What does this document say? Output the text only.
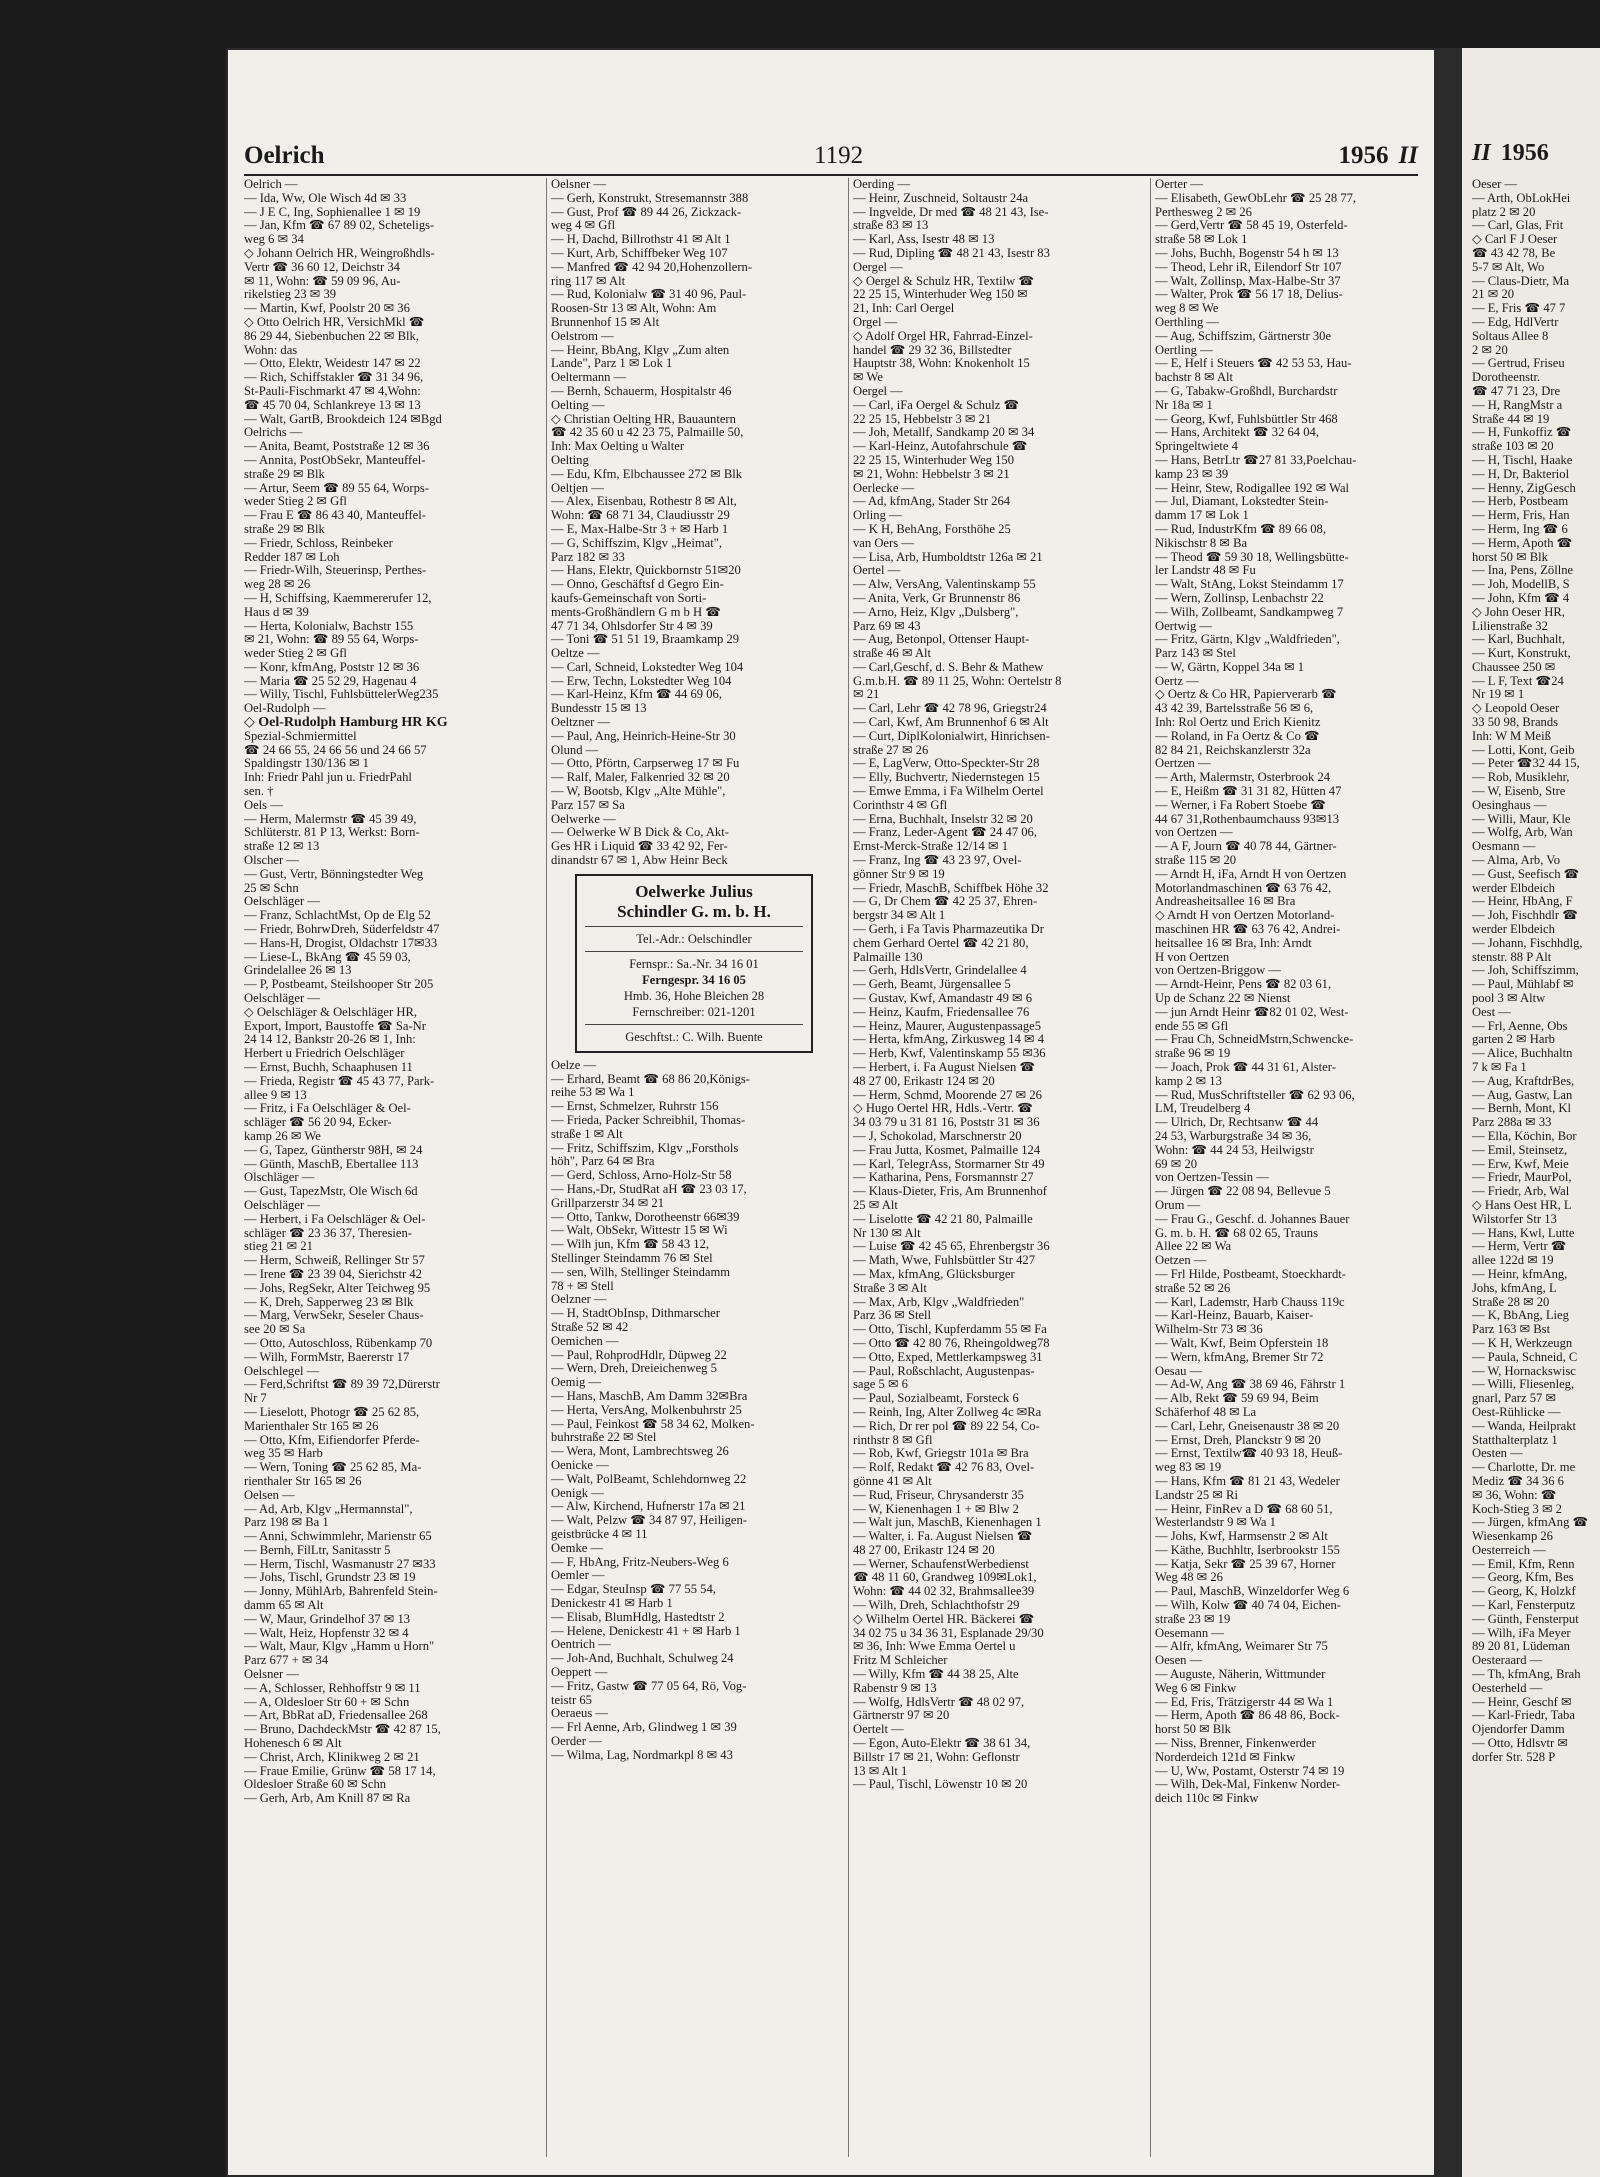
Oelrich	1192	1956 II
Oelrich —
— Ida, Ww, Ole Wisch 4d ✉ 33
— J E C, Ing, Sophienallee 1 ✉ 19
— Jan, Kfm ☎ 67 89 02, Scheteligs-
weg 6 ✉ 34
◇ Johann Oelrich HR, Weingroßhdls-
Vertr ☎ 36 60 12, Deichstr 34
✉ 11, Wohn: ☎ 59 09 96, Au-
rikelstieg 23 ✉ 39
— Martin, Kwf, Poolstr 20 ✉ 36
◇ Otto Oelrich HR, VersichMkl ☎
86 29 44, Siebenbuchen 22 ✉ Blk,
Wohn: das
— Otto, Elektr, Weidestr 147 ✉ 22
— Rich, Schiffstakler ☎ 31 34 96,
St-Pauli-Fischmarkt 47 ✉ 4,Wohn:
☎ 45 70 04, Schlankreye 13 ✉ 13
— Walt, GartB, Brookdeich 124 ✉Bgd
Oelrichs —
— Anita, Beamt, Poststraße 12 ✉ 36
— Annita, PostObSekr, Manteuffel-
straße 29 ✉ Blk
— Artur, Seem ☎ 89 55 64, Worps-
weder Stieg 2 ✉ Gfl
— Frau E ☎ 86 43 40, Manteuffel-
straße 29 ✉ Blk
— Friedr, Schloss, Reinbeker
Redder 187 ✉ Loh
— Friedr-Wilh, Steuerinsp, Perthes-
weg 28 ✉ 26
— H, Schiffsing, Kaemmererufer 12,
Haus d ✉ 39
— Herta, Kolonialw, Bachstr 155
✉ 21, Wohn: ☎ 89 55 64, Worps-
weder Stieg 2 ✉ Gfl
— Konr, kfmAng, Poststr 12 ✉ 36
— Maria ☎ 25 52 29, Hagenau 4
— Willy, Tischl, FuhlsbüttelerWeg235
Oel-Rudolph —
◇ Oel-Rudolph Hamburg HR KG
Spezial-Schmiermittel
☎ 24 66 55, 24 66 56 und 24 66 57
Spaldingstr 130/136 ✉ 1
Inh: Friedr Pahl jun u. FriedrPahl
sen. †
Oels —
— Herm, Malermstr ☎ 45 39 49,
Schlüterstr. 81 P 13, Werkst: Born-
straße 12 ✉ 13
Olscher —
— Gust, Vertr, Bönningstedter Weg
25 ✉ Schn
Oelschläger —
— Franz, SchlachtMst, Op de Elg 52
— Friedr, BohrwDreh, Süderfeldstr 47
— Hans-H, Drogist, Oldachstr 17✉33
— Liese-L, BkAng ☎ 45 59 03,
Grindelallee 26 ✉ 13
— P, Postbeamt, Steilshooper Str 205
Oelschläger —
◇ Oelschläger & Oelschläger HR,
Export, Import, Baustoffe ☎ Sa-Nr
24 14 12, Bankstr 20-26 ✉ 1, Inh:
Herbert u Friedrich Oelschläger
— Ernst, Buchh, Schaaphusen 11
— Frieda, Registr ☎ 45 43 77, Park-
allee 9 ✉ 13
— Fritz, i Fa Oelschläger & Oel-
schläger ☎ 56 20 94, Ecker-
kamp 26 ✉ We
— G, Tapez, Güntherstr 98H, ✉ 24
— Günth, MaschB, Ebertallee 113
Olschläger —
— Gust, TapezMstr, Ole Wisch 6d
Oelschläger —
— Herbert, i Fa Oelschläger & Oel-
schläger ☎ 23 36 37, Theresien-
stieg 21 ✉ 21
— Herm, Schweiß, Rellinger Str 57
— Irene ☎ 23 39 04, Sierichstr 42
— Johs, RegSekr, Alter Teichweg 95
— K, Dreh, Sapperweg 23 ✉ Blk
— Marg, VerwSekr, Seseler Chaus-
see 20 ✉ Sa
— Otto, Autoschloss, Rübenkamp 70
— Wilh, FormMstr, Baererstr 17
Oelschlegel —
— Ferd,Schriftst ☎ 89 39 72,Dürerstr
Nr 7
— Lieselott, Photogr ☎ 25 62 85,
Marienthaler Str 165 ✉ 26
— Otto, Kfm, Eifiendorfer Pferde-
weg 35 ✉ Harb
— Wern, Toning ☎ 25 62 85, Ma-
rienthaler Str 165 ✉ 26
Oelsen —
— Ad, Arb, Klgv „Hermannstal",
Parz 198 ✉ Ba 1
— Anni, Schwimmlehr, Marienstr 65
— Bernh, FilLtr, Sanitasstr 5
— Herm, Tischl, Wasmanustr 27 ✉33
— Johs, Tischl, Grundstr 23 ✉ 19
— Jonny, MühlArb, Bahrenfeld Stein-
damm 65 ✉ Alt
— W, Maur, Grindelhof 37 ✉ 13
— Walt, Heiz, Hopfenstr 32 ✉ 4
— Walt, Maur, Klgv „Hamm u Horn"
Parz 677 + ✉ 34
Oelsner —
— A, Schlosser, Rehhoffstr 9 ✉ 11
— A, Oldesloer Str 60 + ✉ Schn
— Art, BbRat aD, Friedensallee 268
— Bruno, DachdeckMstr ☎ 42 87 15,
Hohenesch 6 ✉ Alt
— Christ, Arch, Klinikweg 2 ✉ 21
— Fraue Emilie, Grünw ☎ 58 17 14,
Oldesloer Straße 60 ✉ Schn
— Gerh, Arb, Am Knill 87 ✉ Ra
Oelsner —
— Gerh, Konstrukt, Stresemannstr 388
— Gust, Prof ☎ 89 44 26, Zickzack-
weg 4 ✉ Gfl
— H, Dachd, Billrothstr 41 ✉ Alt 1
— Kurt, Arb, Schiffbeker Weg 107
— Manfred ☎ 42 94 20,Hohenzollern-
ring 117 ✉ Alt
— Rud, Kolonialw ☎ 31 40 96, Paul-
Roosen-Str 13 ✉ Alt, Wohn: Am
Brunnenhof 15 ✉ Alt
Oelstrom —
— Heinr, BbAng, Klgv „Zum alten
Lande", Parz 1 ✉ Lok 1
Oeltermann —
— Bernh, Schauerm, Hospitalstr 46
Oelting —
◇ Christian Oelting HR, Bauauntern
☎ 42 35 60 u 42 23 75, Palmaille 50,
Inh: Max Oelting u Walter
Oelting
— Edu, Kfm, Elbchaussee 272 ✉ Blk
Oeltjen —
— Alex, Eisenbau, Rothestr 8 ✉ Alt,
Wohn: ☎ 68 71 34, Claudiusstr 29
— E, Max-Halbe-Str 3 + ✉ Harb 1
— G, Schiffszim, Klgv „Heimat",
Parz 182 ✉ 33
— Hans, Elektr, Quickbornstr 51✉20
— Onno, Geschäftsf d Gegro Ein-
kaufs-Gemeinschaft von Sorti-
ments-Großhändlern G m b H ☎
47 71 34, Ohlsdorfer Str 4 ✉ 39
— Toni ☎ 51 51 19, Braamkamp 29
Oeltze —
— Carl, Schneid, Lokstedter Weg 104
— Erw, Techn, Lokstedter Weg 104
— Karl-Heinz, Kfm ☎ 44 69 06,
Bundesstr 15 ✉ 13
Oeltzner —
— Paul, Ang, Heinrich-Heine-Str 30
Olund —
— Otto, Pförtn, Carpserweg 17 ✉ Fu
— Ralf, Maler, Falkenried 32 ✉ 20
— W, Bootsb, Klgv „Alte Mühle",
Parz 157 ✉ Sa
Oelwerke —
— Oelwerke W B Dick & Co, Akt-
Ges HR i Liquid ☎ 33 42 92, Fer-
dinandstr 67 ✉ 1, Abw Heinr Beck
Oelwerke Julius
Schindler G. m. b. H.
Tel.-Adr.: Oelschindler
Fernspr.: Sa.-Nr. 34 16 01
Ferngespr. 34 16 05
Hmb. 36, Hohe Bleichen 28
Fernschreiber: 021-1201
Geschftst.: C. Wilh. Buente
Oelze —
— Erhard, Beamt ☎ 68 86 20,Königs-
reihe 53 ✉ Wa 1
— Ernst, Schmelzer, Ruhrstr 156
— Frieda, Packer Schreibhil, Thomas-
straße 1 ✉ Alt
— Fritz, Schiffszim, Klgv „Forsthols
höh", Parz 64 ✉ Bra
— Gerd, Schloss, Arno-Holz-Str 58
— Hans,-Dr, StudRat aH ☎ 23 03 17,
Grillparzerstr 34 ✉ 21
— Otto, Tankw, Dorotheenstr 66✉39
— Walt, ObSekr, Wittestr 15 ✉ Wi
— Wilh jun, Kfm ☎ 58 43 12,
Stellinger Steindamm 76 ✉ Stel
— sen, Wilh, Stellinger Steindamm
78 + ✉ Stell
Oelzner —
— H, StadtObInsp, Dithmarscher
Straße 52 ✉ 42
Oemichen —
— Paul, RohprodHdlr, Düpweg 22
— Wern, Dreh, Dreieichenweg 5
Oemig —
— Hans, MaschB, Am Damm 32✉Bra
— Herta, VersAng, Molkenbuhrstr 25
— Paul, Feinkost ☎ 58 34 62, Molken-
buhrstraße 22 ✉ Stel
— Wera, Mont, Lambrechtsweg 26
Oenicke —
— Walt, PolBeamt, Schlehdornweg 22
Oenigk —
— Alw, Kirchend, Hufnerstr 17a ✉ 21
— Walt, Pelzw ☎ 34 87 97, Heiligen-
geistbrücke 4 ✉ 11
Oemke —
— F, HbAng, Fritz-Neubers-Weg 6
Oemler —
— Edgar, SteuInsp ☎ 77 55 54,
Denickestr 41 ✉ Harb 1
— Elisab, BlumHdlg, Hastedtstr 2
— Helene, Denickestr 41 + ✉ Harb 1
Oentrich —
— Joh-And, Buchhalt, Schulweg 24
Oeppert —
— Fritz, Gastw ☎ 77 05 64, Rö, Vog-
teistr 65
Oeraeus —
— Frl Aenne, Arb, Glindweg 1 ✉ 39
Oerder —
— Wilma, Lag, Nordmarkpl 8 ✉ 43
Oerding —
— Heinr, Zuschneid, Soltaustr 24a
— Ingvelde, Dr med ☎ 48 21 43, Ise-
straße 83 ✉ 13
— Karl, Ass, Isestr 48 ✉ 13
— Rud, Dipling ☎ 48 21 43, Isestr 83
Oergel —
◇ Oergel & Schulz HR, Textilw ☎
22 25 15, Winterhuder Weg 150 ✉
21, Inh: Carl Oergel
Orgel —
◇ Adolf Orgel HR, Fahrrad-Einzel-
handel ☎ 29 32 36, Billstedter
Hauptstr 38, Wohn: Knokenholt 15
✉ We
Oergel —
— Carl, iFa Oergel & Schulz ☎
22 25 15, Hebbelstr 3 ✉ 21
— Joh, Metallf, Sandkamp 20 ✉ 34
— Karl-Heinz, Autofahrschule ☎
22 25 15, Winterhuder Weg 150
✉ 21, Wohn: Hebbelstr 3 ✉ 21
Oerlecke —
— Ad, kfmAng, Stader Str 264
Orling —
— K H, BehAng, Forsthöhe 25
van Oers —
— Lisa, Arb, Humboldtstr 126a ✉ 21
Oertel —
— Alw, VersAng, Valentinskamp 55
— Anita, Verk, Gr Brunnenstr 86
— Arno, Heiz, Klgv „Dulsberg",
Parz 69 ✉ 43
— Aug, Betonpol, Ottenser Haupt-
straße 46 ✉ Alt
— Carl,Geschf, d. S. Behr & Mathew
G.m.b.H. ☎ 89 11 25, Wohn: Oertelstr 8
✉ 21
— Carl, Lehr ☎ 42 78 96, Griegstr24
— Carl, Kwf, Am Brunnenhof 6 ✉ Alt
— Curt, DiplKolonialwirt, Hinrichsen-
straße 27 ✉ 26
— E, LagVerw, Otto-Speckter-Str 28
— Elly, Buchvertr, Niedernstegen 15
— Emwe Emma, i Fa Wilhelm Oertel
Corinthstr 4 ✉ Gfl
— Erna, Buchhalt, Inselstr 32 ✉ 20
— Franz, Leder-Agent ☎ 24 47 06,
Ernst-Merck-Straße 12/14 ✉ 1
— Franz, Ing ☎ 43 23 97, Ovel-
gönner Str 9 ✉ 19
— Friedr, MaschB, Schiffbek Höhe 32
— G, Dr Chem ☎ 42 25 37, Ehren-
bergstr 34 ✉ Alt 1
— Gerh, i Fa Tavis Pharmazeutika Dr
chem Gerhard Oertel ☎ 42 21 80,
Palmaille 130
— Gerh, HdlsVertr, Grindelallee 4
— Gerh, Beamt, Jürgensallee 5
— Gustav, Kwf, Amandastr 49 ✉ 6
— Heinz, Kaufm, Friedensallee 76
— Heinz, Maurer, Augustenpassage5
— Herta, kfmAng, Zirkusweg 14 ✉ 4
— Herb, Kwf, Valentinskamp 55 ✉36
— Herbert, i. Fa August Nielsen ☎
48 27 00, Erikastr 124 ✉ 20
— Herm, Schmd, Moorende 27 ✉ 26
◇ Hugo Oertel HR, Hdls.-Vertr. ☎
34 03 79 u 31 81 16, Poststr 31 ✉ 36
— J, Schokolad, Marschnerstr 20
— Frau Jutta, Kosmet, Palmaille 124
— Karl, TelegrAss, Stormarner Str 49
— Katharina, Pens, Forsmannstr 27
— Klaus-Dieter, Fris, Am Brunnenhof
25 ✉ Alt
— Liselotte ☎ 42 21 80, Palmaille
Nr 130 ✉ Alt
— Luise ☎ 42 45 65, Ehrenbergstr 36
— Math, Wwe, Fuhlsbüttler Str 427
— Max, kfmAng, Glücksburger
Straße 3 ✉ Alt
— Max, Arb, Klgv „Waldfrieden"
Parz 36 ✉ Stell
— Otto, Tischl, Kupferdamm 55 ✉ Fa
— Otto ☎ 42 80 76, Rheingoldweg78
— Otto, Exped, Mettlerkampsweg 31
— Paul, Roßschlacht, Augustenpas-
sage 5 ✉ 6
— Paul, Sozialbeamt, Forsteck 6
— Reinh, Ing, Alter Zollweg 4c ✉Ra
— Rich, Dr rer pol ☎ 89 22 54, Co-
rinthstr 8 ✉ Gfl
— Rob, Kwf, Griegstr 101a ✉ Bra
— Rolf, Redakt ☎ 42 76 83, Ovel-
gönne 41 ✉ Alt
— Rud, Friseur, Chrysanderstr 35
— W, Kienenhagen 1 + ✉ Blw 2
— Walt jun, MaschB, Kienenhagen 1
— Walter, i. Fa. August Nielsen ☎
48 27 00, Erikastr 124 ✉ 20
— Werner, SchaufenstWerbedienst
☎ 48 11 60, Grandweg 109✉Lok1,
Wohn: ☎ 44 02 32, Brahmsallee39
— Wilh, Dreh, Schlachthofstr 29
◇ Wilhelm Oertel HR. Bäckerei ☎
34 02 75 u 34 36 31, Esplanade 29/30
✉ 36, Inh: Wwe Emma Oertel u
Fritz M Schleicher
— Willy, Kfm ☎ 44 38 25, Alte
Rabenstr 9 ✉ 13
— Wolfg, HdlsVertr ☎ 48 02 97,
Gärtnerstr 97 ✉ 20
Oertelt —
— Egon, Auto-Elektr ☎ 38 61 34,
Billstr 17 ✉ 21, Wohn: Geflonstr
13 ✉ Alt 1
— Paul, Tischl, Löwenstr 10 ✉ 20
Oerter —
— Elisabeth, GewObLehr ☎ 25 28 77,
Perthesweg 2 ✉ 26
— Gerd,Vertr ☎ 58 45 19, Osterfeld-
straße 58 ✉ Lok 1
— Johs, Buchh, Bogenstr 54 h ✉ 13
— Theod, Lehr iR, Eilendorf Str 107
— Walt, Zollinsp, Max-Halbe-Str 37
— Walter, Prok ☎ 56 17 18, Delius-
weg 8 ✉ We
Oerthling —
— Aug, Schiffszim, Gärtnerstr 30e
Oertling —
— E, Helf i Steuers ☎ 42 53 53, Hau-
bachstr 8 ✉ Alt
— G, Tabakw-Großhdl, Burchardstr
Nr 18a ✉ 1
— Georg, Kwf, Fuhlsbüttler Str 468
— Hans, Architekt ☎ 32 64 04,
Springeltwiete 4
— Hans, BetrLtr ☎27 81 33,Poelchau-
kamp 23 ✉ 39
— Heinr, Stew, Rodigallee 192 ✉ Wal
— Jul, Diamant, Lokstedter Stein-
damm 17 ✉ Lok 1
— Rud, IndustrKfm ☎ 89 66 08,
Nikischstr 8 ✉ Ba
— Theod ☎ 59 30 18, Wellingsbütte-
ler Landstr 48 ✉ Fu
— Walt, StAng, Lokst Steindamm 17
— Wern, Zollinsp, Lenbachstr 22
— Wilh, Zollbeamt, Sandkampweg 7
Oertwig —
— Fritz, Gärtn, Klgv „Waldfrieden",
Parz 143 ✉ Stel
— W, Gärtn, Koppel 34a ✉ 1
Oertz —
◇ Oertz & Co HR, Papierverarb ☎
43 42 39, Bartelsstraße 56 ✉ 6,
Inh: Rol Oertz und Erich Kienitz
— Roland, in Fa Oertz & Co ☎
82 84 21, Reichskanzlerstr 32a
Oertzen —
— Arth, Malermstr, Osterbrook 24
— E, Heißm ☎ 31 31 82, Hütten 47
— Werner, i Fa Robert Stoebe ☎
44 67 31,Rothenbaumchauss 93✉13
von Oertzen —
— A F, Journ ☎ 40 78 44, Gärtner-
straße 115 ✉ 20
— Arndt H, iFa, Arndt H von Oertzen
Motorlandmaschinen ☎ 63 76 42,
Andreasheitsallee 16 ✉ Bra
◇ Arndt H von Oertzen Motorland-
maschinen HR ☎ 63 76 42, Andrei-
heitsallee 16 ✉ Bra, Inh: Arndt
H von Oertzen
von Oertzen-Briggow —
— Arndt-Heinr, Pens ☎ 82 03 61,
Up de Schanz 22 ✉ Nienst
— jun Arndt Heinr ☎82 01 02, West-
ende 55 ✉ Gfl
— Frau Ch, SchneidMstrn,Schwencke-
straße 96 ✉ 19
— Joach, Prok ☎ 44 31 61, Alster-
kamp 2 ✉ 13
— Rud, MusSchriftsteller ☎ 62 93 06,
LM, Treudelberg 4
— Ulrich, Dr, Rechtsanw ☎ 44
24 53, Warburgstraße 34 ✉ 36,
Wohn: ☎ 44 24 53, Heilwigstr
69 ✉ 20
von Oertzen-Tessin —
— Jürgen ☎ 22 08 94, Bellevue 5
Orum —
— Frau G., Geschf. d. Johannes Bauer
G. m. b. H. ☎ 68 02 65, Trauns
Allee 22 ✉ Wa
Oetzen —
— Frl Hilde, Postbeamt, Stoeckhardt-
straße 52 ✉ 26
— Karl, Lademstr, Harb Chauss 119c
— Karl-Heinz, Bauarb, Kaiser-
Wilhelm-Str 73 ✉ 36
— Walt, Kwf, Beim Opferstein 18
— Wern, kfmAng, Bremer Str 72
Oesau —
— Ad-W, Ang ☎ 38 69 46, Fährstr 1
— Alb, Rekt ☎ 59 69 94, Beim
Schäferhof 48 ✉ La
— Carl, Lehr, Gneisenaustr 38 ✉ 20
— Ernst, Dreh, Planckstr 9 ✉ 20
— Ernst, Textilw☎ 40 93 18, Heuß-
weg 83 ✉ 19
— Hans, Kfm ☎ 81 21 43, Wedeler
Landstr 25 ✉ Ri
— Heinr, FinRev a D ☎ 68 60 51,
Westerlandstr 9 ✉ Wa 1
— Johs, Kwf, Harmsenstr 2 ✉ Alt
— Käthe, Buchhltr, Iserbrookstr 155
— Katja, Sekr ☎ 25 39 67, Horner
Weg 48 ✉ 26
— Paul, MaschB, Winzeldorfer Weg 6
— Wilh, Kolw ☎ 40 74 04, Eichen-
straße 23 ✉ 19
Oesemann —
— Alfr, kfmAng, Weimarer Str 75
Oesen —
— Auguste, Näherin, Wittmunder
Weg 6 ✉ Finkw
— Ed, Fris, Trätzigerstr 44 ✉ Wa 1
— Herm, Apoth ☎ 86 48 86, Bock-
horst 50 ✉ Blk
— Niss, Brenner, Finkenwerder
Norderdeich 121d ✉ Finkw
— U, Ww, Postamt, Osterstr 74 ✉ 19
— Wilh, Dek-Mal, Finkenw Norder-
deich 110c ✉ Finkw
II 1956
Oeser —
— Arth, ObLokHei
platz 2 ✉ 20
— Carl, Glas, Frit
◇ Carl F J Oeser
☎ 43 42 78, Be
5-7 ✉ Alt, Wo
— Claus-Dietr, Ma
21 ✉ 20
— E, Fris ☎ 47 7
— Edg, HdlVertr
Soltaus Allee 8
2 ✉ 20
— Gertrud, Friseu
Dorotheenstr.
☎ 47 71 23, Dre
— H, RangMstr a
Straße 44 ✉ 19
— H, Funkoffiz ☎
straße 103 ✉ 20
— H, Tischl, Haake
— H, Dr, Bakteriol
— Henny, ZigGesch
— Herb, Postbeam
— Herm, Fris, Han
— Herm, Ing ☎ 6
— Herm, Apoth ☎
horst 50 ✉ Blk
— Ina, Pens, Zöllne
— Joh, ModellB, S
— John, Kfm ☎ 4
◇ John Oeser HR,
Lilienstraße 32
— Karl, Buchhalt,
— Kurt, Konstrukt,
Chaussee 250 ✉
— L F, Text ☎24
Nr 19 ✉ 1
◇ Leopold Oeser
33 50 98, Brands
Inh: W M Meiß
— Lotti, Kont, Geib
— Peter ☎32 44 15,
— Rob, Musiklehr,
— W, Eisenb, Stre
Oesinghaus —
— Willi, Maur, Kle
— Wolfg, Arb, Wan
Oesmann —
— Alma, Arb, Vo
— Gust, Seefisch ☎
werder Elbdeich
— Heinr, HbAng, F
— Joh, Fischhdlr ☎
werder Elbdeich
— Johann, Fischhdlg,
stenstr. 88 P Alt
— Joh, Schiffszimm,
— Paul, Mühlabf ✉
pool 3 ✉ Altw
Oest —
— Frl, Aenne, Obs
garten 2 ✉ Harb
— Alice, Buchhaltn
7 k ✉ Fa 1
— Aug, KraftdrBes,
— Aug, Gastw, Lan
— Bernh, Mont, Kl
Parz 288a ✉ 33
— Ella, Köchin, Bor
— Emil, Steinsetz,
— Erw, Kwf, Meie
— Friedr, MaurPol,
— Friedr, Arb, Wal
◇ Hans Oest HR, L
Wilstorfer Str 13
— Hans, Kwl, Lutte
— Herm, Vertr ☎
allee 122d ✉ 19
— Heinr, kfmAng,
Johs, kfmAng, L
Straße 28 ✉ 20
— K, BbAng, Lieg
Parz 163 ✉ Bst
— K H, Werkzeugn
— Paula, Schneid, C
— W, Hornackswisc
— Willi, Fliesenleg,
gnarl, Parz 57 ✉
Oest-Rühlicke —
— Wanda, Heilprakt
Statthalterplatz 1
Oesten —
— Charlotte, Dr. me
Mediz ☎ 34 36 6
✉ 36, Wohn: ☎
Koch-Stieg 3 ✉ 2
— Jürgen, kfmAng ☎
Wiesenkamp 26
Oesterreich —
— Emil, Kfm, Renn
— Georg, Kfm, Bes
— Georg, K, Holzkf
— Karl, Fensterputz
— Günth, Fensterput
— Wilh, iFa Meyer
89 20 81, Lüdeman
Oesteraard —
— Th, kfmAng, Brah
Oesterheld —
— Heinr, Geschf ✉
— Karl-Friedr, Taba
Ojendorfer Damm
— Otto, Hdlsvtr ✉
dorfer Str. 528 P
